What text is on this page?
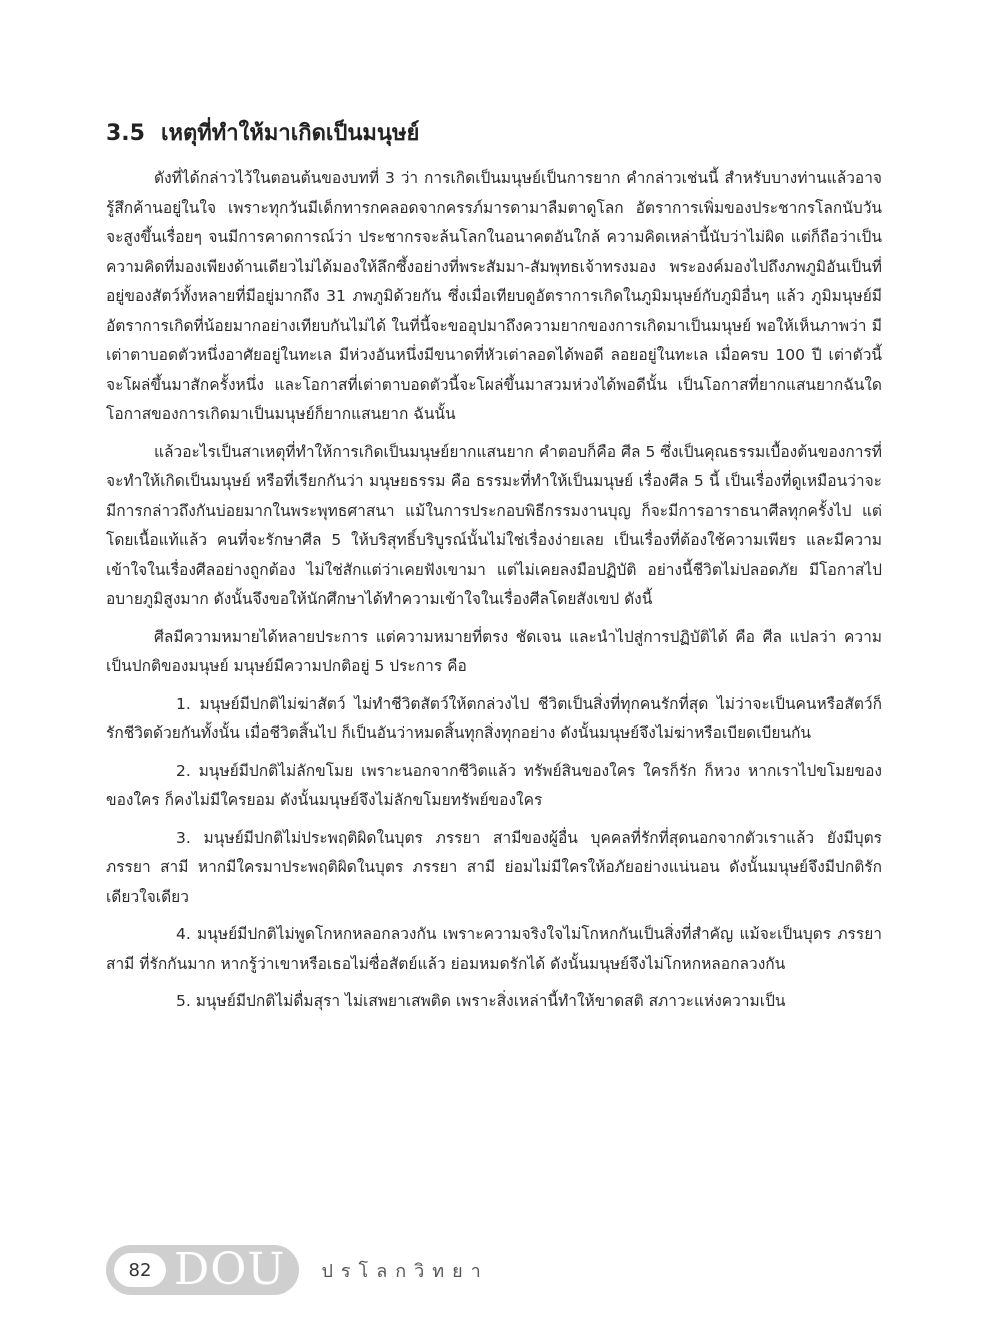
3.5 เหตุที่ทำให้มาเกิดเป็นมนุษย์

ดังที่ได้กล่าวไว้ในตอนต้นของบทที่ 3 ว่า การเกิดเป็นมนุษย์เป็นการยาก คำกล่าวเช่นนี้ สำหรับบางท่านแล้วอาจรู้สึกค้านอยู่ในใจ เพราะทุกวันมีเด็กทารกคลอดจากครรภ์มารดามาลืมตาดูโลก อัตราการเพิ่มของประชากรโลกนับวันจะสูงขึ้นเรื่อยๆ จนมีการคาดการณ์ว่า ประชากรจะล้นโลกในอนาคตอันใกล้ ความคิดเหล่านี้นับว่าไม่ผิด แต่ก็ถือว่าเป็นความคิดที่มองเพียงด้านเดียวไม่ได้มองให้ลึกซึ้งอย่างที่พระสัมมา-สัมพุทธเจ้าทรงมอง พระองค์มองไปถึงภพภูมิอันเป็นที่อยู่ของสัตว์ทั้งหลายที่มีอยู่มากถึง 31 ภพภูมิด้วยกัน ซึ่งเมื่อเทียบดูอัตราการเกิดในภูมิมนุษย์กับภูมิอื่นๆ แล้ว ภูมิมนุษย์มีอัตราการเกิดที่น้อยมากอย่างเทียบกันไม่ได้ ในที่นี้จะขออุปมาถึงความยากของการเกิดมาเป็นมนุษย์ พอให้เห็นภาพว่า มีเต่าตาบอดตัวหนึ่งอาศัยอยู่ในทะเล มีห่วงอันหนึ่งมีขนาดที่หัวเต่าลอดได้พอดี ลอยอยู่ในทะเล เมื่อครบ 100 ปี เต่าตัวนี้จะโผล่ขึ้นมาสักครั้งหนึ่ง และโอกาสที่เต่าตาบอดตัวนี้จะโผล่ขึ้นมาสวมห่วงได้พอดีนั้น เป็นโอกาสที่ยากแสนยากฉันใด โอกาสของการเกิดมาเป็นมนุษย์ก็ยากแสนยาก ฉันนั้น

แล้วอะไรเป็นสาเหตุที่ทำให้การเกิดเป็นมนุษย์ยากแสนยาก คำตอบก็คือ ศีล 5 ซึ่งเป็นคุณธรรมเบื้องต้นของการที่จะทำให้เกิดเป็นมนุษย์ หรือที่เรียกกันว่า มนุษยธรรม คือ ธรรมะที่ทำให้เป็นมนุษย์ เรื่องศีล 5 นี้ เป็นเรื่องที่ดูเหมือนว่าจะมีการกล่าวถึงกันบ่อยมากในพระพุทธศาสนา แม้ในการประกอบพิธีกรรมงานบุญ ก็จะมีการอาราธนาศีลทุกครั้งไป แต่โดยเนื้อแท้แล้ว คนที่จะรักษาศีล 5 ให้บริสุทธิ์บริบูรณ์นั้นไม่ใช่เรื่องง่ายเลย เป็นเรื่องที่ต้องใช้ความเพียร และมีความเข้าใจในเรื่องศีลอย่างถูกต้อง ไม่ใช่สักแต่ว่าเคยฟังเขามา แต่ไม่เคยลงมือปฏิบัติ อย่างนี้ชีวิตไม่ปลอดภัย มีโอกาสไปอบายภูมิสูงมาก ดังนั้นจึงขอให้นักศึกษาได้ทำความเข้าใจในเรื่องศีลโดยสังเขป ดังนี้

ศีลมีความหมายได้หลายประการ แต่ความหมายที่ตรง ชัดเจน และนำไปสู่การปฏิบัติได้ คือ ศีล แปลว่า ความเป็นปกติของมนุษย์ มนุษย์มีความปกติอยู่ 5 ประการ คือ

1. มนุษย์มีปกติไม่ฆ่าสัตว์ ไม่ทำชีวิตสัตว์ให้ตกล่วงไป ชีวิตเป็นสิ่งที่ทุกคนรักที่สุด ไม่ว่าจะเป็นคนหรือสัตว์ก็รักชีวิตด้วยกันทั้งนั้น เมื่อชีวิตสิ้นไป ก็เป็นอันว่าหมดสิ้นทุกสิ่งทุกอย่าง ดังนั้นมนุษย์จึงไม่ฆ่าหรือเบียดเบียนกัน

2. มนุษย์มีปกติไม่ลักขโมย เพราะนอกจากชีวิตแล้ว ทรัพย์สินของใคร ใครก็รัก ก็หวง หากเราไปขโมยของของใคร ก็คงไม่มีใครยอม ดังนั้นมนุษย์จึงไม่ลักขโมยทรัพย์ของใคร

3. มนุษย์มีปกติไม่ประพฤติผิดในบุตร ภรรยา สามีของผู้อื่น บุคคลที่รักที่สุดนอกจากตัวเราแล้ว ยังมีบุตร ภรรยา สามี หากมีใครมาประพฤติผิดในบุตร ภรรยา สามี ย่อมไม่มีใครให้อภัยอย่างแน่นอน ดังนั้นมนุษย์จึงมีปกติรักเดียวใจเดียว

4. มนุษย์มีปกติไม่พูดโกหกหลอกลวงกัน เพราะความจริงใจไม่โกหกกันเป็นสิ่งที่สำคัญ แม้จะเป็นบุตร ภรรยา สามี ที่รักกันมาก หากรู้ว่าเขาหรือเธอไม่ซื่อสัตย์แล้ว ย่อมหมดรักได้ ดังนั้นมนุษย์จึงไม่โกหกหลอกลวงกัน

5. มนุษย์มีปกติไม่ดื่มสุรา ไม่เสพยาเสพติด เพราะสิ่งเหล่านี้ทำให้ขาดสติ สภาวะแห่งความเป็น

82 DOU ปรโลกวิทยา
